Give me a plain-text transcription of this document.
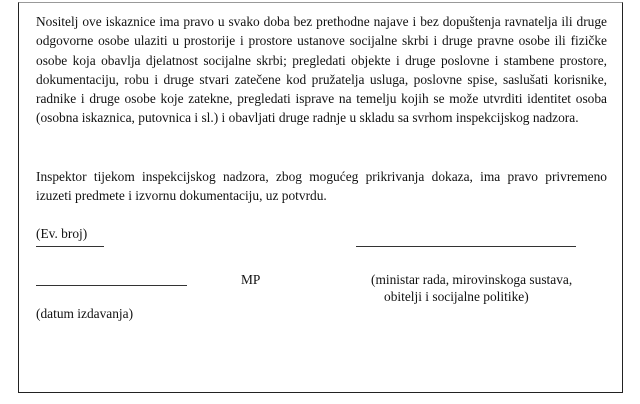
Nositelj ove iskaznice ima pravo u svako doba bez prethodne najave i bez dopuštenja ravnatelja ili druge
odgovorne osobe ulaziti u prostorije i prostore ustanove socijalne skrbi i druge pravne osobe ili fizičke
osobe koja obavlja djelatnost socijalne skrbi; pregledati objekte i druge poslovne i stambene prostore,
dokumentaciju, robu i druge stvari zatečene kod pružatelja usluga, poslovne spise, saslušati korisnike,
radnike i druge osobe koje zatekne, pregledati isprave na temelju kojih se može utvrditi identitet osoba
(osobna iskaznica, putovnica i sl.) i obavljati druge radnje u skladu sa svrhom inspekcijskog nadzora.
Inspektor tijekom inspekcijskog nadzora, zbog mogućeg prikrivanja dokaza, ima pravo privremeno
izuzeti predmete i izvornu dokumentaciju, uz potvrdu.
(Ev. broj)
MP	(ministar rada, mirovinskoga sustava,
obitelji i socijalne politike)
(datum izdavanja)
